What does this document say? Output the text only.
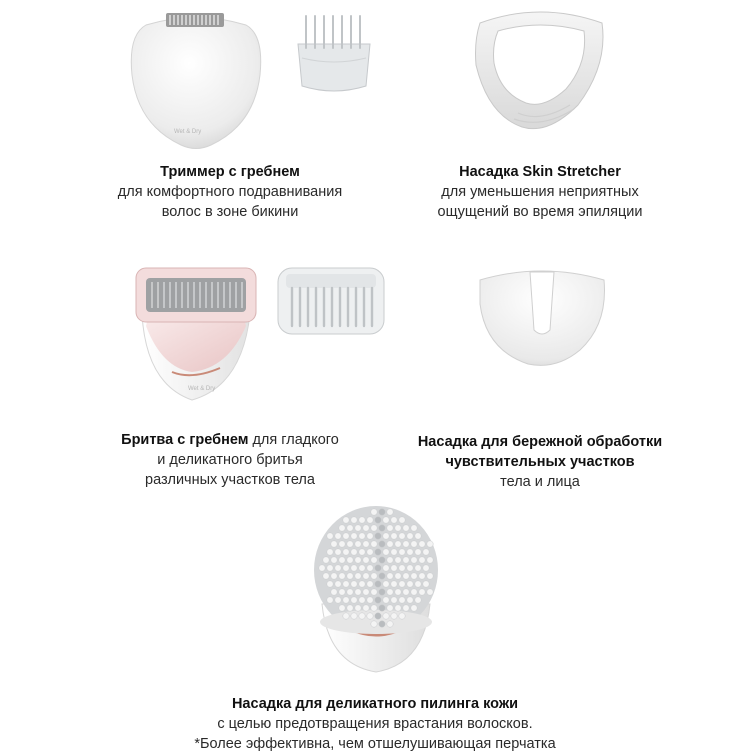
Wet & Dry
Триммер с гребнем
для комфортного подравнивания
волос в зоне бикини
Насадка Skin Stretcher
для уменьшения неприятных
ощущений во время эпиляции
Wet & Dry
Бритва с гребнем для гладкого
и деликатного бритья
различных участков тела
Насадка для бережной обработки
чувствительных участков
тела и лица
Насадка для деликатного пилинга кожи
с целью предотвращения врастания волосков.
*Более эффективна, чем отшелушивающая перчатка
